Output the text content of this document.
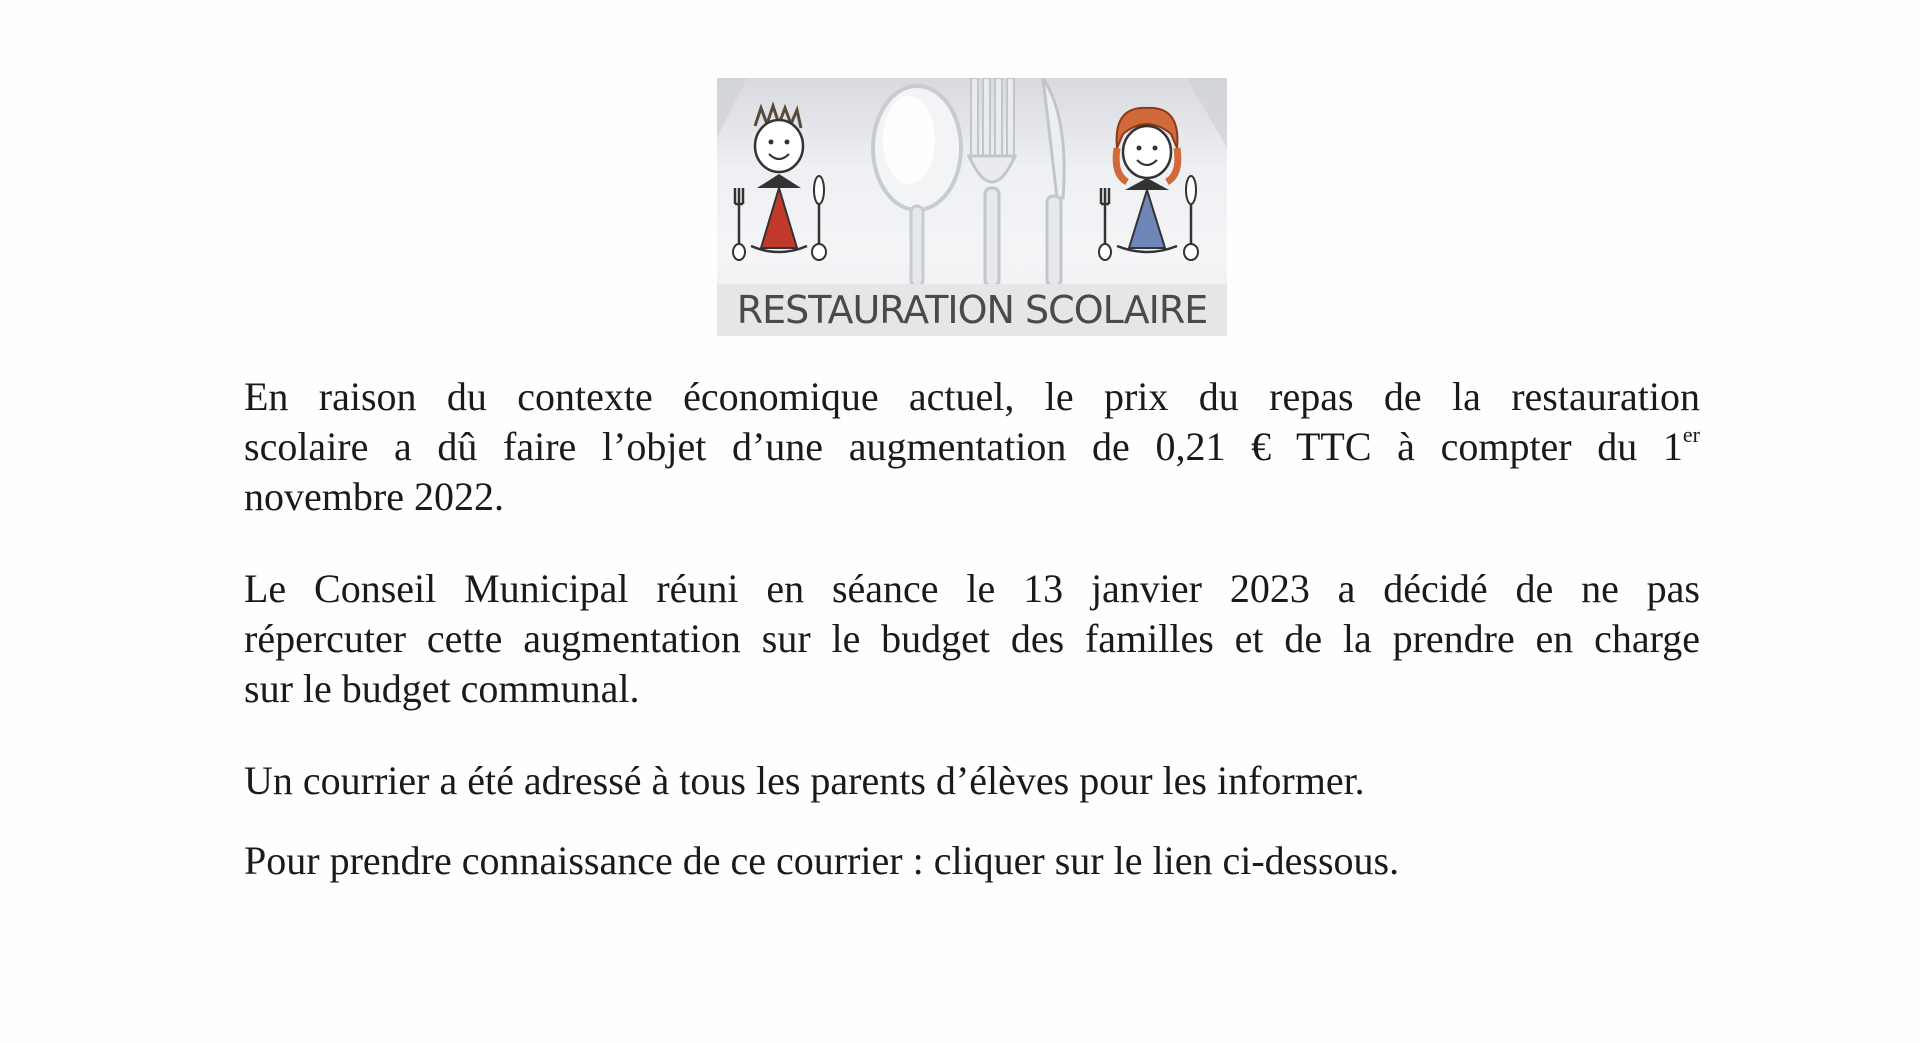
RESTAURATION SCOLAIRE
En raison du contexte économique actuel, le prix du repas de la restauration
scolaire a dû faire l’objet d’une augmentation de 0,21 € TTC à compter du 1er
novembre 2022.
Le Conseil Municipal réuni en séance le 13 janvier 2023 a décidé de ne pas
répercuter cette augmentation sur le budget des familles et de la prendre en charge
sur le budget communal.
Un courrier a été adressé à tous les parents d’élèves pour les informer.
Pour prendre connaissance de ce courrier : cliquer sur le lien ci-dessous.
